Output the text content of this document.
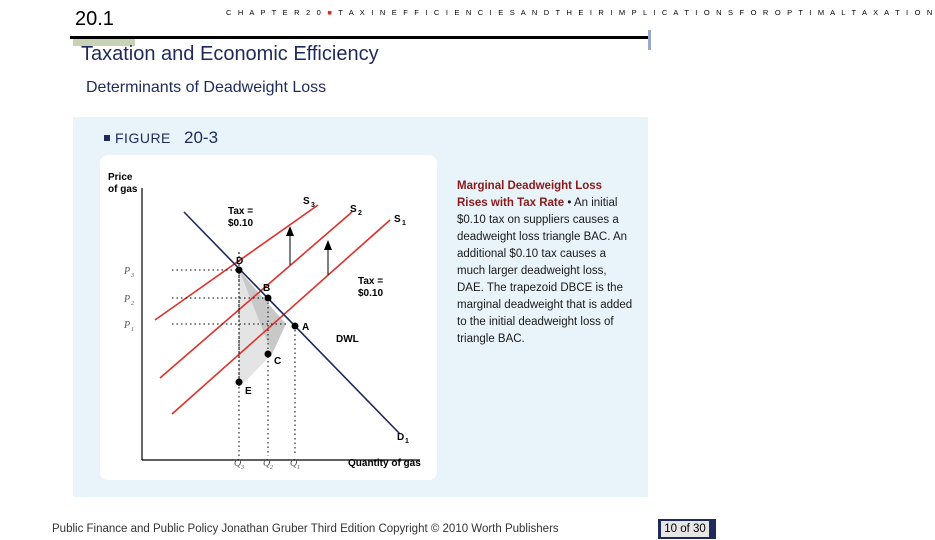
20.1	C H A P T E R 2 0 ■ T A X I N E F F I C I E N C I E S A N D T H E I R I M P L I C A T I O N S F O R O P T I M A L T A X A T I O N
Taxation and Economic Efficiency
Determinants of Deadweight Loss
FIGURE 20-3
Marginal Deadweight Loss Rises with Tax Rate • An initial $0.10 tax on suppliers causes a deadweight loss triangle BAC. An additional $0.10 tax causes a much larger deadweight loss, DAE. The trapezoid DBCE is the marginal deadweight that is added to the initial deadweight loss of triangle BAC.
Price
of gas
Quantity of gas
S 3	S 2
S 1
D 1
Tax =
$0.10
Tax =
$0.10
DWL
D
B
A
C
E
P 3
P 2
P 1
Q 3 Q 2 Q 1
Public Finance and Public Policy Jonathan Gruber Third Edition Copyright © 2010 Worth Publishers	10 of 30
